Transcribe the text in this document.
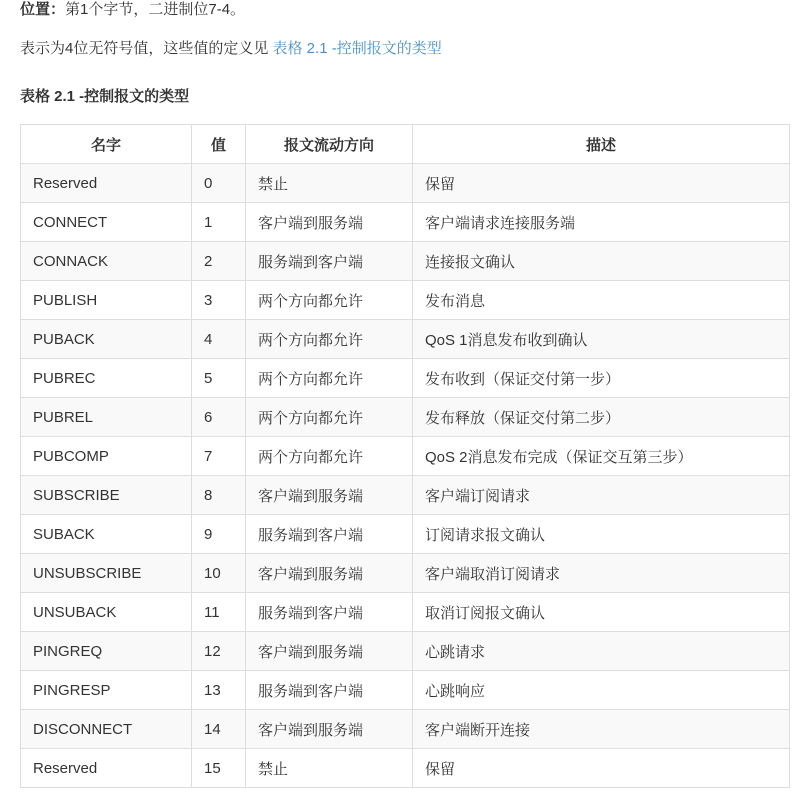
位置：第1个字节，二进制位7-4。
表示为4位无符号值，这些值的定义见 表格 2.1 -控制报文的类型
表格 2.1 -控制报文的类型
名字	值	报文流动方向	描述
Reserved	0	禁止	保留
CONNECT	1	客户端到服务端	客户端请求连接服务端
CONNACK	2	服务端到客户端	连接报文确认
PUBLISH	3	两个方向都允许	发布消息
PUBACK	4	两个方向都允许	QoS 1消息发布收到确认
PUBREC	5	两个方向都允许	发布收到（保证交付第一步）
PUBREL	6	两个方向都允许	发布释放（保证交付第二步）
PUBCOMP	7	两个方向都允许	QoS 2消息发布完成（保证交互第三步）
SUBSCRIBE	8	客户端到服务端	客户端订阅请求
SUBACK	9	服务端到客户端	订阅请求报文确认
UNSUBSCRIBE	10	客户端到服务端	客户端取消订阅请求
UNSUBACK	11	服务端到客户端	取消订阅报文确认
PINGREQ	12	客户端到服务端	心跳请求
PINGRESP	13	服务端到客户端	心跳响应
DISCONNECT	14	客户端到服务端	客户端断开连接
Reserved	15	禁止	保留
